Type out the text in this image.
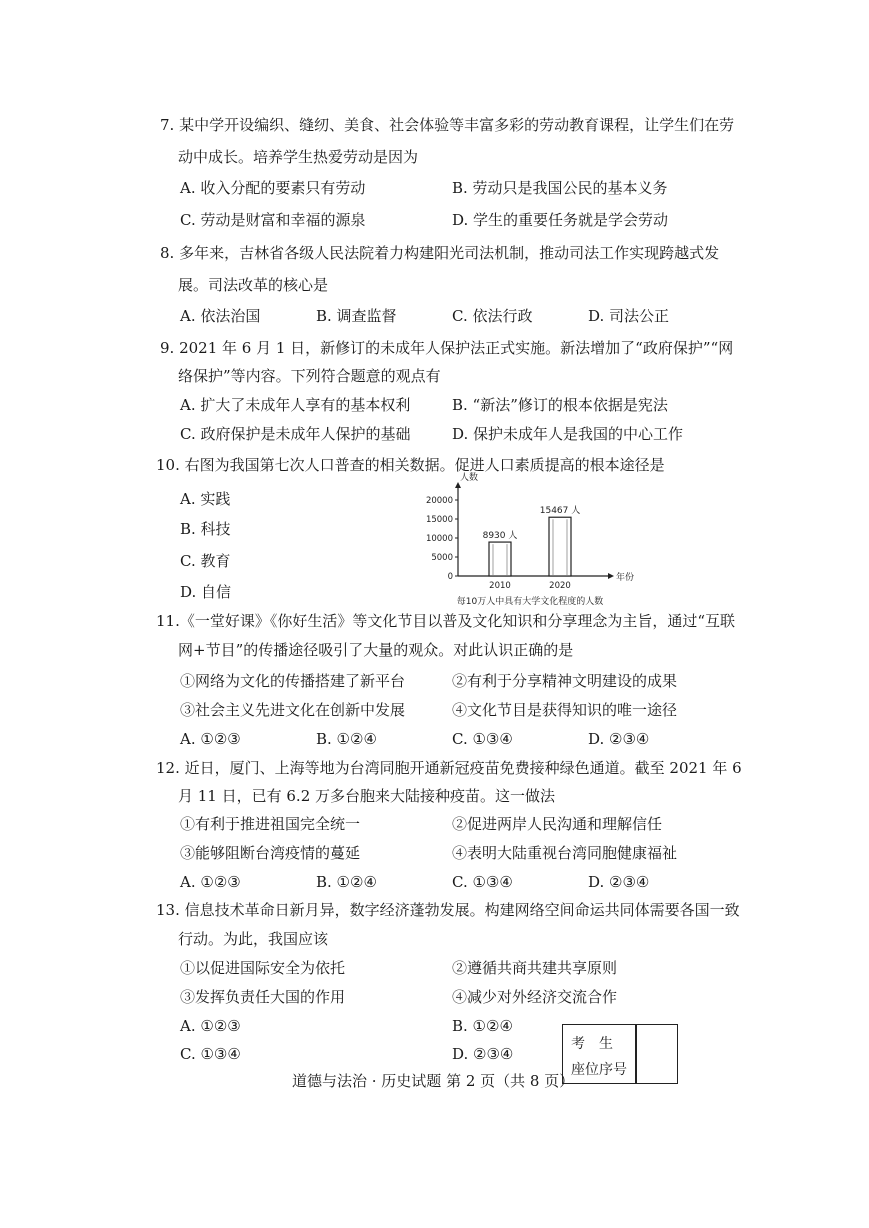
7. 某中学开设编织、缝纫、美食、社会体验等丰富多彩的劳动教育课程，让学生们在劳
动中成长。培养学生热爱劳动是因为
A. 收入分配的要素只有劳动	B. 劳动只是我国公民的基本义务
C. 劳动是财富和幸福的源泉	D. 学生的重要任务就是学会劳动
8. 多年来，吉林省各级人民法院着力构建阳光司法机制，推动司法工作实现跨越式发
展。司法改革的核心是
A. 依法治国	B. 调查监督	C. 依法行政	D. 司法公正
9. 2021 年 6 月 1 日，新修订的未成年人保护法正式实施。新法增加了“政府保护”“网
络保护”等内容。下列符合题意的观点有
A. 扩大了未成年人享有的基本权利	B. “新法”修订的根本依据是宪法
C. 政府保护是未成年人保护的基础	D. 保护未成年人是我国的中心工作
10. 右图为我国第七次人口普查的相关数据。促进人口素质提高的根本途径是
A. 实践
B. 科技
C. 教育
D. 自信
人数
年份
20000
15000
10000
5000
0
8930 人
2010
15467 人
2020
每10万人中具有大学文化程度的人数
11.《一堂好课》《你好生活》等文化节目以普及文化知识和分享理念为主旨，通过“互联
网+节目”的传播途径吸引了大量的观众。对此认识正确的是
①网络为文化的传播搭建了新平台	②有利于分享精神文明建设的成果
③社会主义先进文化在创新中发展	④文化节目是获得知识的唯一途径
A. ①②③	B. ①②④	C. ①③④	D. ②③④
12. 近日，厦门、上海等地为台湾同胞开通新冠疫苗免费接种绿色通道。截至 2021 年 6
月 11 日，已有 6.2 万多台胞来大陆接种疫苗。这一做法
①有利于推进祖国完全统一	②促进两岸人民沟通和理解信任
③能够阻断台湾疫情的蔓延	④表明大陆重视台湾同胞健康福祉
A. ①②③	B. ①②④	C. ①③④	D. ②③④
13. 信息技术革命日新月异，数字经济蓬勃发展。构建网络空间命运共同体需要各国一致
行动。为此，我国应该
①以促进国际安全为依托	②遵循共商共建共享原则
③发挥负责任大国的作用	④减少对外经济交流合作
A. ①②③	B. ①②④
C. ①③④	D. ②③④
考生
座位序号
道德与法治 · 历史试题 第 2 页（共 8 页）
